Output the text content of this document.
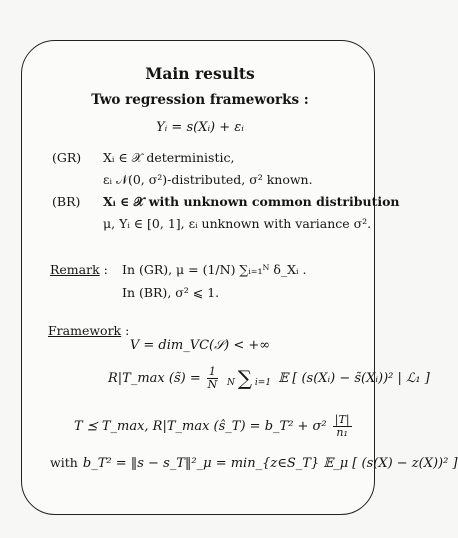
Main results
Two regression frameworks :
Yᵢ = s(Xᵢ) + εᵢ
(GR) Xᵢ ∈ 𝒳 deterministic,
εᵢ 𝒩(0, σ²)-distributed, σ² known.
(BR) Xᵢ ∈ 𝒳 with unknown common distribution
μ, Yᵢ ∈ [0, 1], εᵢ unknown with variance σ².
Remark : In (GR), μ = (1/N) ∑ᵢ₌₁ᴺ δ_Xᵢ .
In (BR), σ² ⩽ 1.
Framework :
V = dim_VC(𝒮) < +∞
R|T_max (s̃) = $\frac{1}{N}$ N ∑ i=1 𝔼 [ (s(Xᵢ) − s̃(Xᵢ))² | ℒ₁ ]
T ⪯ T_max, R|T_max (ŝ_T) = b_T² + $\sigma^2 \frac{|T|}{\text{n₁}}$
with b_T² = ‖s − s_T‖²_μ = min_{z∈S_T} 𝔼_μ [ (s(X) − z(X))² ]
